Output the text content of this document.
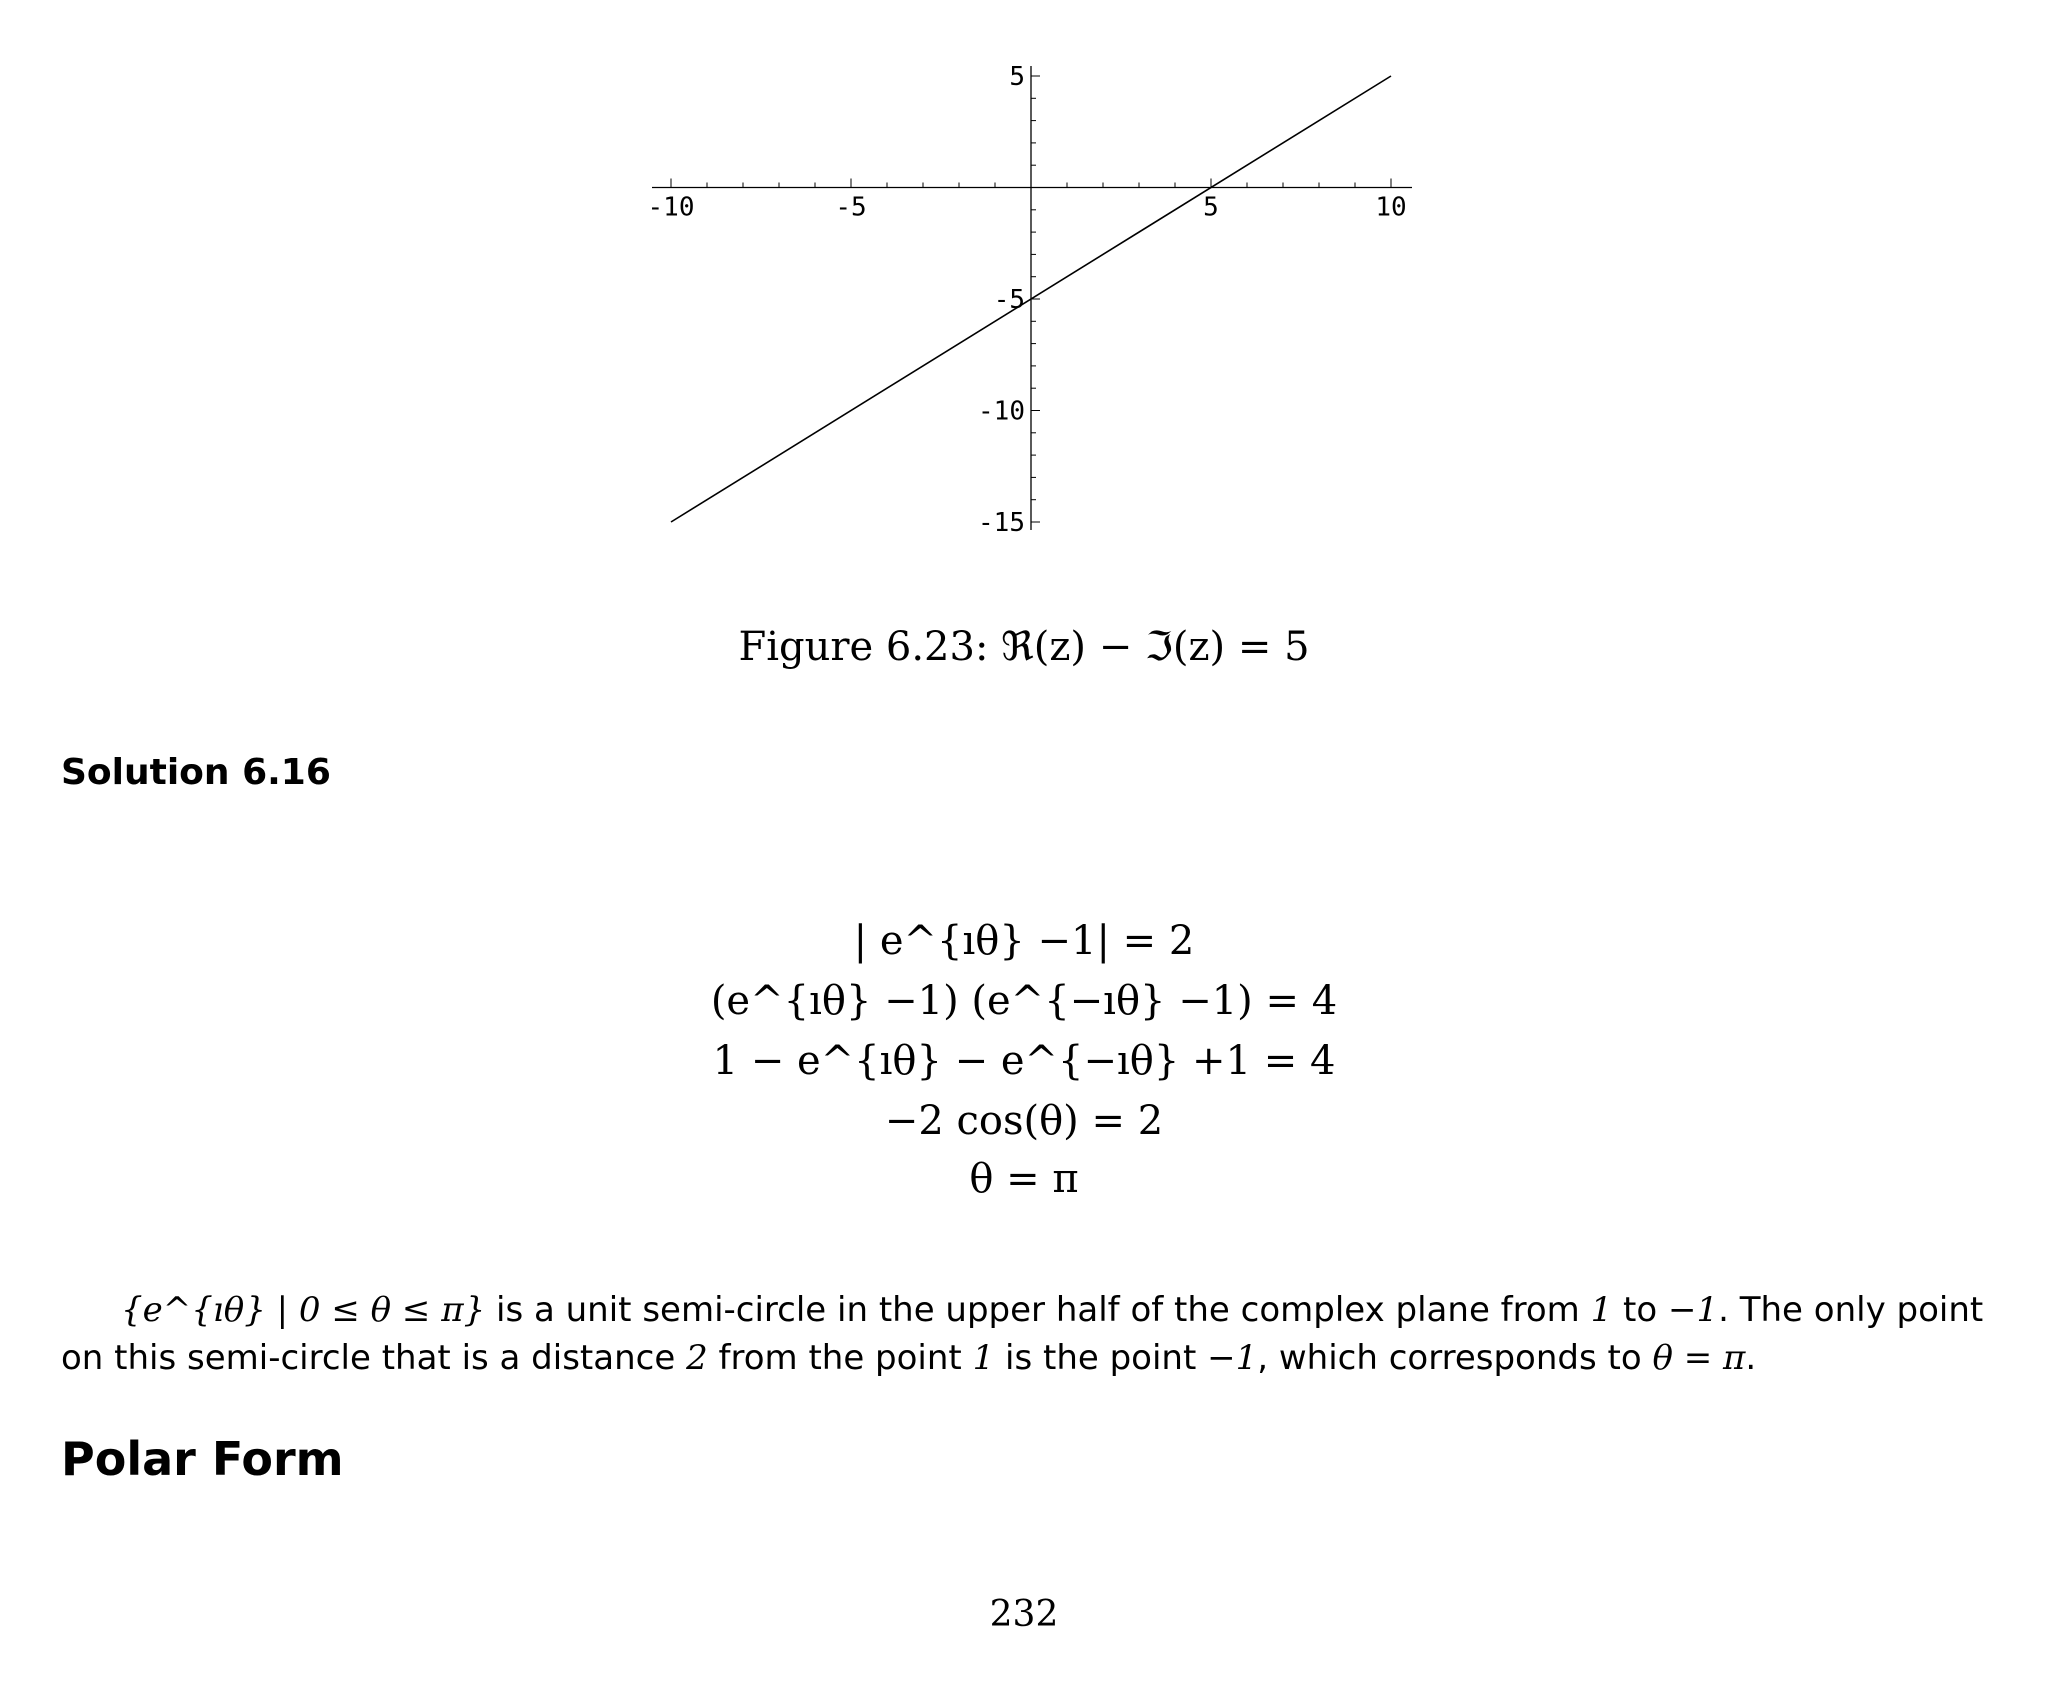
-10	-5	5	10
5
-5
-10
-15
Figure 6.23: ℜ(z) − ℑ(z) = 5
Solution 6.16
| e^{ıθ} −1| = 2
(e^{ıθ} −1) (e^{−ıθ} −1) = 4
1 − e^{ıθ} − e^{−ıθ} +1 = 4
−2 cos(θ) = 2
θ = π
{e^{ıθ} | 0 ≤ θ ≤ π} is a unit semi-circle in the upper half of the complex plane from 1 to −1. The only point on this semi-circle that is a distance 2 from the point 1 is the point −1, which corresponds to θ = π.
Polar Form
232
